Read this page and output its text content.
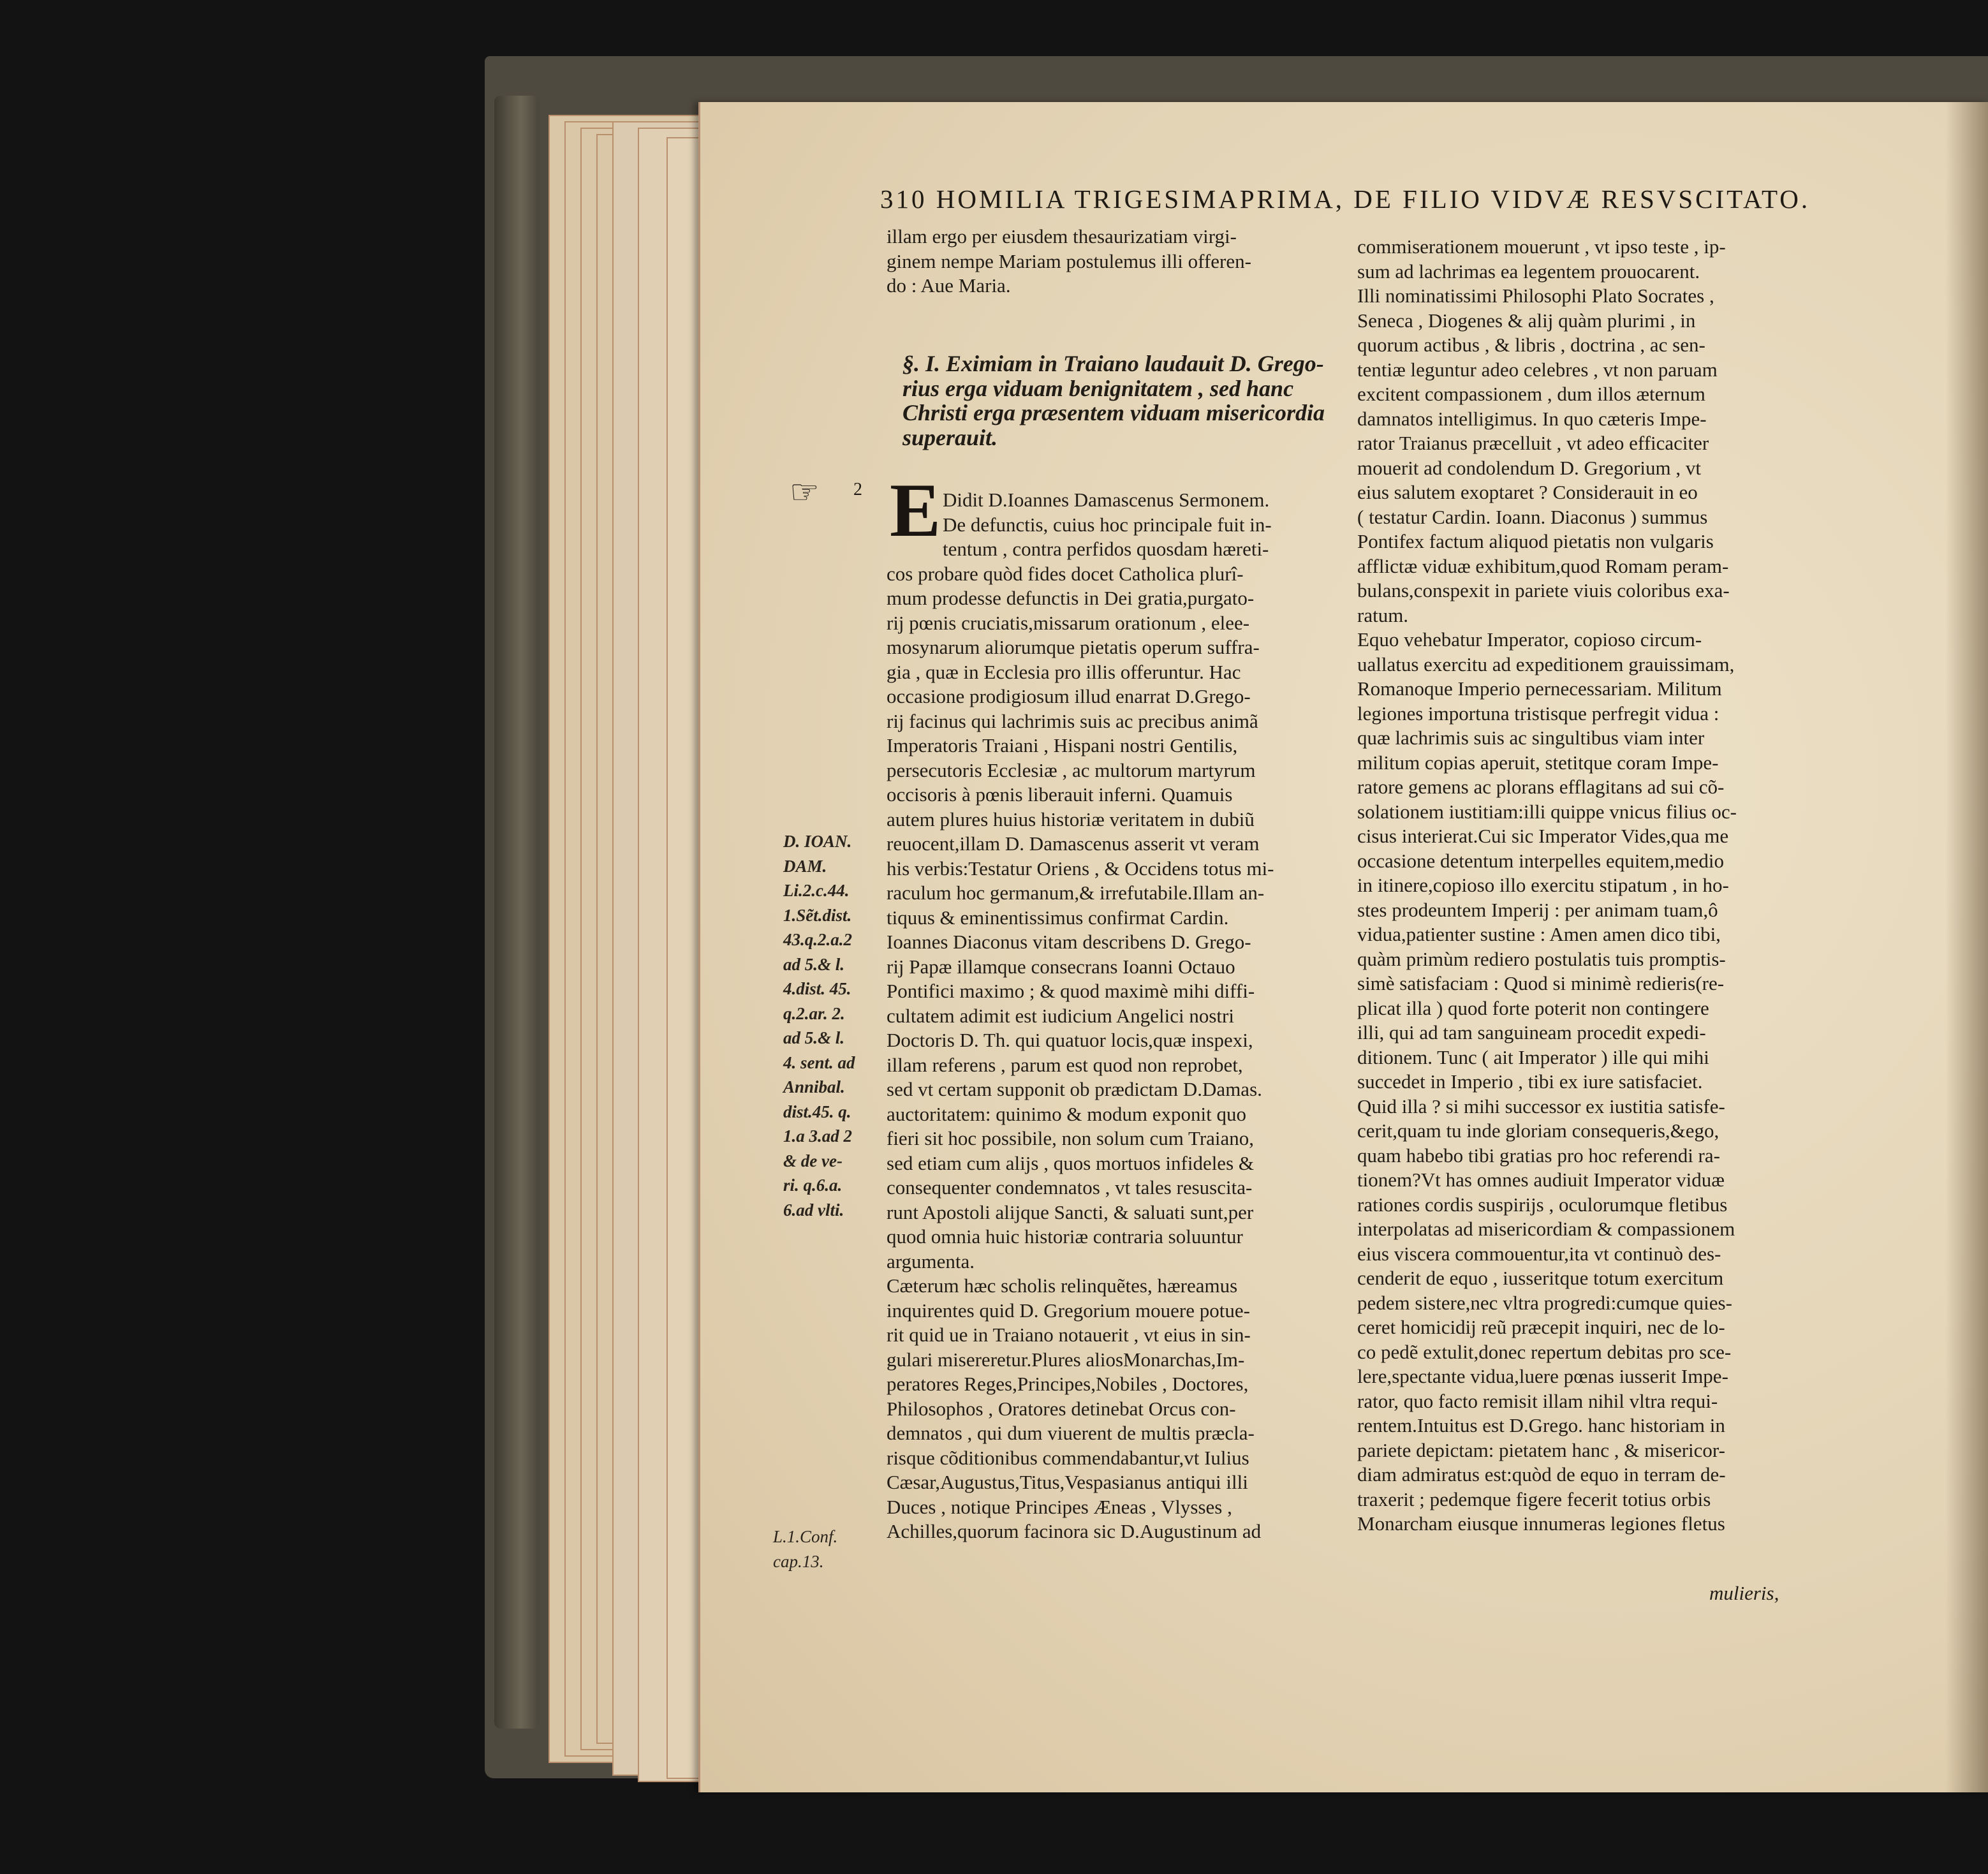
310 HOMILIA TRIGESIMAPRIMA, DE FILIO VIDVÆ RESVSCITATO.
illam ergo per eiusdem thesaurizatiam virgi-
ginem nempe Mariam postulemus illi offeren-
do : Aue Maria.
§. I. Eximiam in Traiano laudauit D. Grego-
rius erga viduam benignitatem , sed hanc
Christi erga præsentem viduam misericordia
superauit.
☞ 2 E Didit D.Ioannes Damascenus Sermonem.
De defunctis, cuius hoc principale fuit in-
tentum , contra perfidos quosdam hæreti-
cos probare quòd fides docet Catholica plurî-
mum prodesse defunctis in Dei gratia,purgato-
rij pœnis cruciatis,missarum orationum , elee-
mosynarum aliorumque pietatis operum suffra-
gia , quæ in Ecclesia pro illis offeruntur. Hac
occasione prodigiosum illud enarrat D.Grego-
rij facinus qui lachrimis suis ac precibus animã
Imperatoris Traiani , Hispani nostri Gentilis,
persecutoris Ecclesiæ , ac multorum martyrum
occisoris à pœnis liberauit inferni. Quamuis
autem plures huius historiæ veritatem in dubiũ
reuocent,illam D. Damascenus asserit vt veram
his verbis:Testatur Oriens , & Occidens totus mi-
raculum hoc germanum,& irrefutabile.Illam an-
tiquus & eminentissimus confirmat Cardin.
Ioannes Diaconus vitam describens D. Grego-
rij Papæ illamque consecrans Ioanni Octauo
Pontifici maximo ; & quod maximè mihi diffi-
cultatem adimit est iudicium Angelici nostri
Doctoris D. Th. qui quatuor locis,quæ inspexi,
illam referens , parum est quod non reprobet,
sed vt certam supponit ob prædictam D.Damas.
auctoritatem: quinimo & modum exponit quo
fieri sit hoc possibile, non solum cum Traiano,
sed etiam cum alijs , quos mortuos infideles &
consequenter condemnatos , vt tales resuscita-
runt Apostoli alijque Sancti, & saluati sunt,per
quod omnia huic historiæ contraria soluuntur
argumenta.
Cæterum hæc scholis relinquẽtes, hæreamus
inquirentes quid D. Gregorium mouere potue-
rit quid ue in Traiano notauerit , vt eius in sin-
gulari misereretur.Plures aliosMonarchas,Im-
peratores Reges,Principes,Nobiles , Doctores,
Philosophos , Oratores detinebat Orcus con-
demnatos , qui dum viuerent de multis præcla-
risque cõditionibus commendabantur,vt Iulius
Cæsar,Augustus,Titus,Vespasianus antiqui illi
Duces , notique Principes Æneas , Vlysses ,
Achilles,quorum facinora sic D.Augustinum ad
D. IOAN.
DAM.
Li.2.c.44.
1.Sẽt.dist.
43.q.2.a.2
ad 5.& l.
4.dist. 45.
q.2.ar. 2.
ad 5.& l.
4. sent. ad
Annibal.
dist.45. q.
1.a 3.ad 2
& de ve-
ri. q.6.a.
6.ad vlti.
L.1.Conf.
cap.13.
commiserationem mouerunt , vt ipso teste , ip-
sum ad lachrimas ea legentem prouocarent.
Illi nominatissimi Philosophi Plato Socrates ,
Seneca , Diogenes & alij quàm plurimi , in
quorum actibus , & libris , doctrina , ac sen-
tentiæ leguntur adeo celebres , vt non paruam
excitent compassionem , dum illos æternum
damnatos intelligimus. In quo cæteris Impe-
rator Traianus præcelluit , vt adeo efficaciter
mouerit ad condolendum D. Gregorium , vt
eius salutem exoptaret ? Considerauit in eo
( testatur Cardin. Ioann. Diaconus ) summus
Pontifex factum aliquod pietatis non vulgaris
afflictæ viduæ exhibitum,quod Romam peram-
bulans,conspexit in pariete viuis coloribus exa-
ratum.
Equo vehebatur Imperator, copioso circum-
uallatus exercitu ad expeditionem grauissimam,
Romanoque Imperio pernecessariam. Militum
legiones importuna tristisque perfregit vidua :
quæ lachrimis suis ac singultibus viam inter
militum copias aperuit, stetitque coram Impe-
ratore gemens ac plorans efflagitans ad sui cõ-
solationem iustitiam:illi quippe vnicus filius oc-
cisus interierat.Cui sic Imperator Vides,qua me
occasione detentum interpelles equitem,medio
in itinere,copioso illo exercitu stipatum , in ho-
stes prodeuntem Imperij : per animam tuam,ô
vidua,patienter sustine : Amen amen dico tibi,
quàm primùm rediero postulatis tuis promptis-
simè satisfaciam : Quod si minimè redieris(re-
plicat illa ) quod forte poterit non contingere
illi, qui ad tam sanguineam procedit expedi-
ditionem. Tunc ( ait Imperator ) ille qui mihi
succedet in Imperio , tibi ex iure satisfaciet.
Quid illa ? si mihi successor ex iustitia satisfe-
cerit,quam tu inde gloriam consequeris,&ego,
quam habebo tibi gratias pro hoc referendi ra-
tionem?Vt has omnes audiuit Imperator viduæ
rationes cordis suspirijs , oculorumque fletibus
interpolatas ad misericordiam & compassionem
eius viscera commouentur,ita vt continuò des-
cenderit de equo , iusseritque totum exercitum
pedem sistere,nec vltra progredi:cumque quies-
ceret homicidij reũ præcepit inquiri, nec de lo-
co pedẽ extulit,donec repertum debitas pro sce-
lere,spectante vidua,luere pœnas iusserit Impe-
rator, quo facto remisit illam nihil vltra requi-
rentem.Intuitus est D.Grego. hanc historiam in
pariete depictam: pietatem hanc , & misericor-
diam admiratus est:quòd de equo in terram de-
traxerit ; pedemque figere fecerit totius orbis
Monarcham eiusque innumeras legiones fletus
mulieris,
